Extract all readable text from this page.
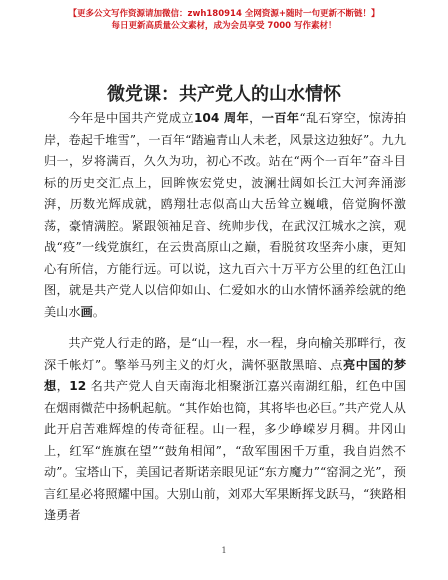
【更多公文写作资源请加微信：zwh180914 全网资源+随时一句更新不断链！】
每日更新高质量公文素材，成为会员享受 7000 写作素材！
微党课：共产党人的山水情怀

今年是中国共产党成立104 周年，一百年“乱石穿空，惊涛拍岸，卷起千堆雪”，一百年“踏遍青山人未老，风景这边独好”。九九归一，岁将满百，久久为功，初心不改。站在“两个一百年”奋斗目标的历史交汇点上，回眸恢宏党史，波澜壮阔如长江大河奔涌澎湃，历数光辉成就，鸥翔壮志似高山大岳耸立巍峨，倍觉胸怀激荡，豪情满腔。紧跟领袖足音、统帅步伐，在武汉江城水之滨，观战“疫”一线党旗红，在云贵高原山之巅，看脱贫攻坚奔小康，更知心有所信，方能行远。可以说，这九百六十万平方公里的红色江山图，就是共产党人以信仰如山、仁爱如水的山水情怀涵养绘就的绝美山水画。

共产党人行走的路，是“山一程，水一程，身向榆关那畔行，夜深千帐灯”。擎举马列主义的灯火，满怀驱散黑暗、点亮中国的梦想，12 名共产党人自天南海北相聚浙江嘉兴南湖红船，红色中国在烟雨微茫中扬帆起航。“其作始也简，其将毕也必巨。”共产党人从此开启苦难辉煌的传奇征程。山一程，多少峥嵘岁月稠。井冈山上，红军“旌旗在望”“鼓角相闻”，“敌军围困千万重，我自岿然不动”。宝塔山下，美国记者斯诺亲眼见证“东方魔力”“窑洞之光”，预言红星必将照耀中国。大别山前，刘邓大军果断挥戈跃马，“狭路相逢勇者

1
